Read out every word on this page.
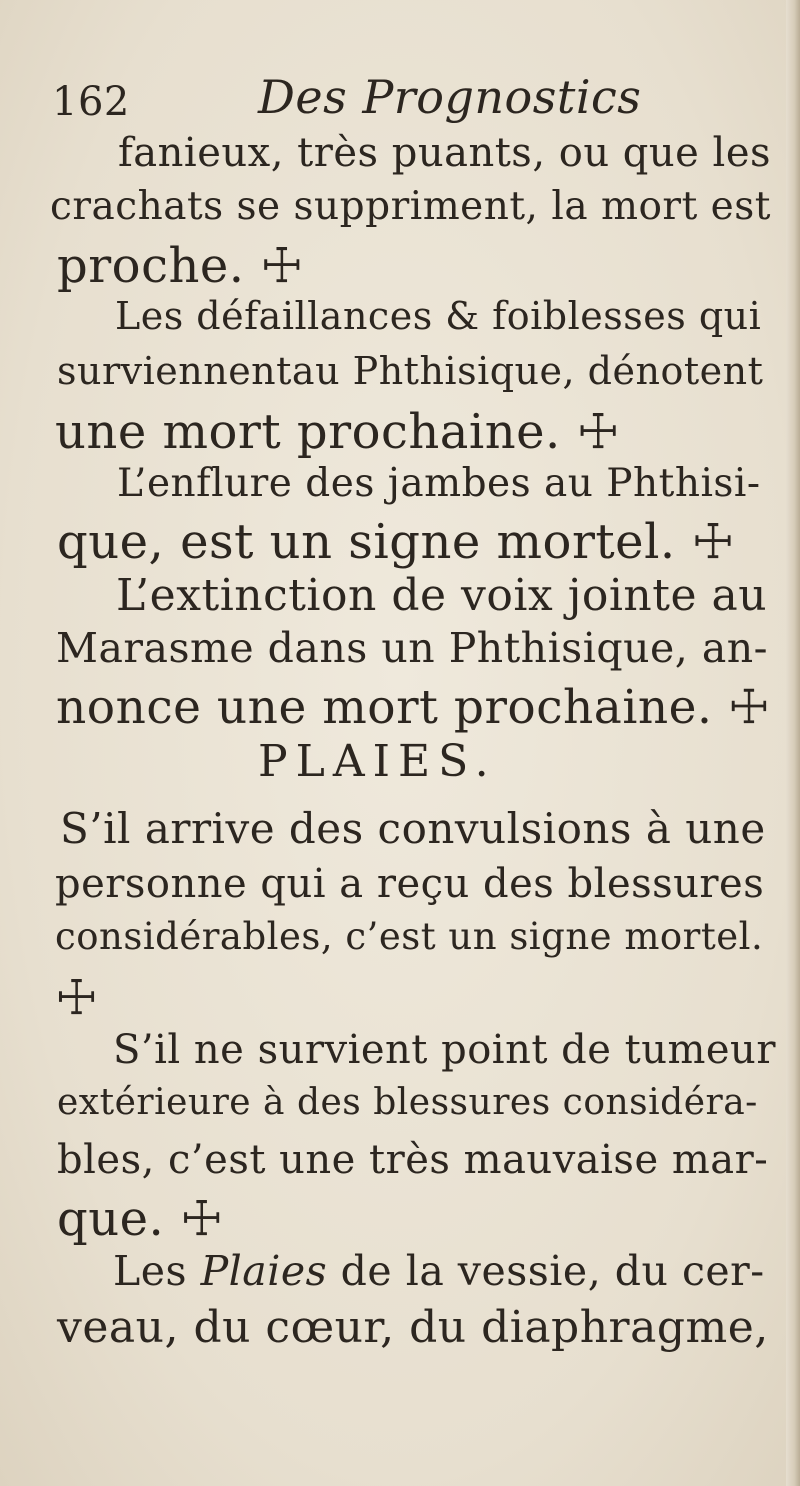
162	Des Prognostics
fanieux, très puants, ou que les
crachats se suppriment, la mort est
proche. ☩
Les défaillances & foiblesses qui
surviennentau Phthisique, dénotent
une mort prochaine. ☩
L’enflure des jambes au Phthisi-
que, est un signe mortel. ☩
L’extinction de voix jointe au
Marasme dans un Phthisique, an-
nonce une mort prochaine. ☩
PLAIES.
S’il arrive des convulsions à une
personne qui a reçu des blessures
considérables, c’est un signe mortel.
☩
S’il ne survient point de tumeur
extérieure à des blessures considéra-
bles, c’est une très mauvaise mar-
que. ☩
Les Plaies de la vessie, du cer-
veau, du cœur, du diaphragme,
